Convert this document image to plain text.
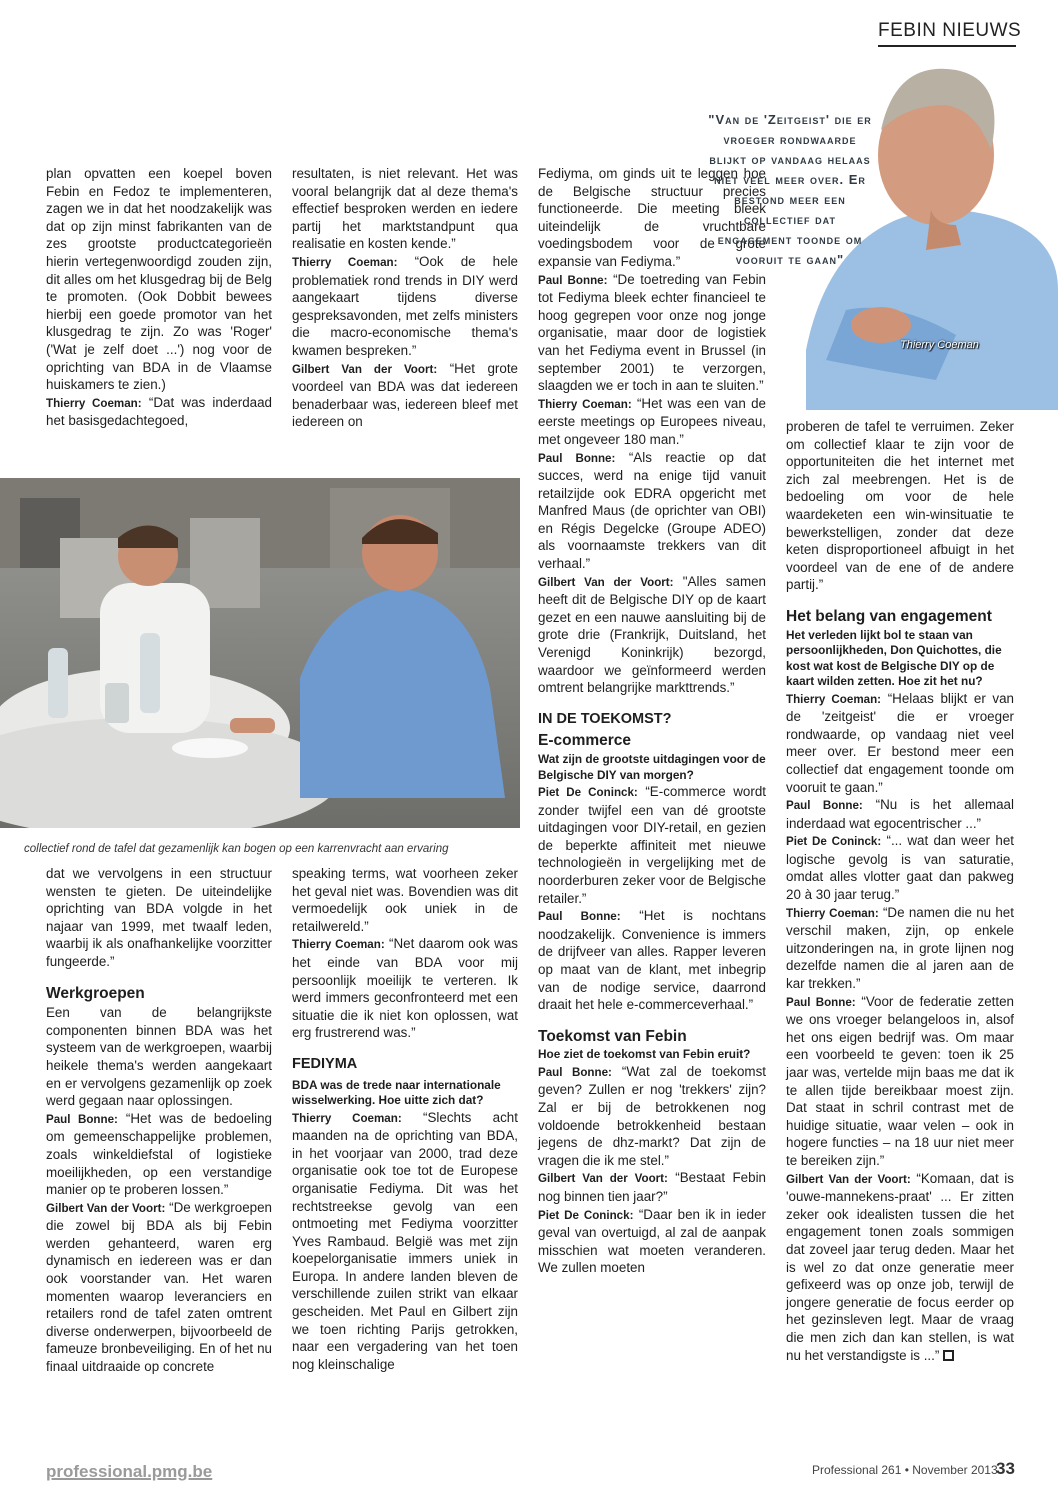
FEBIN NIEUWS

plan opvatten een koepel boven Febin en Fedoz te implementeren, zagen we in dat het noodzakelijk was dat op zijn minst fabrikanten van de zes grootste productcategorieën hierin vertegenwoordigd zouden zijn, dit alles om het klusgedrag bij de Belg te promoten. (Ook Dobbit bewees hierbij een goede promotor van het klusgedrag te zijn. Zo was 'Roger' ('Wat je zelf doet ...') nog voor de oprichting van BDA in de Vlaamse huiskamers te zien.)

Thierry Coeman: “Dat was inderdaad het basisgedachtegoed,

resultaten, is niet relevant. Het was vooral belangrijk dat al deze thema's effectief besproken werden en iedere partij het marktstandpunt qua realisatie en kosten kende.”

Thierry Coeman: “Ook de hele problematiek rond trends in DIY werd aangekaart tijdens diverse gespreksavonden, met zelfs ministers die macro-economische thema's kwamen bespreken.”

Gilbert Van der Voort: “Het grote voordeel van BDA was dat iedereen benaderbaar was, iedereen bleef met iedereen on

collectief rond de tafel dat gezamenlijk kan bogen op een karrenvracht aan ervaring

dat we vervolgens in een structuur wensten te gieten. De uiteindelijke oprichting van BDA volgde in het najaar van 1999, met twaalf leden, waarbij ik als onafhankelijke voorzitter fungeerde.”

Werkgroepen

Een van de belangrijkste componenten binnen BDA was het systeem van de werkgroepen, waarbij heikele thema's werden aangekaart en er vervolgens gezamenlijk op zoek werd gegaan naar oplossingen.

Paul Bonne: “Het was de bedoeling om gemeenschappelijke problemen, zoals winkeldiefstal of logistieke moeilijkheden, op een verstandige manier op te proberen lossen.”

Gilbert Van der Voort: “De werkgroepen die zowel bij BDA als bij Febin werden gehanteerd, waren erg dynamisch en iedereen was er dan ook voorstander van. Het waren momenten waarop leveranciers en retailers rond de tafel zaten omtrent diverse onderwerpen, bijvoorbeeld de fameuze bronbeveiliging. En of het nu finaal uitdraaide op concrete

speaking terms, wat voorheen zeker het geval niet was. Bovendien was dit vermoedelijk ook uniek in de retailwereld.”

Thierry Coeman: “Net daarom ook was het einde van BDA voor mij persoonlijk moeilijk te verteren. Ik werd immers geconfronteerd met een situatie die ik niet kon oplossen, wat erg frustrerend was.”

FEDIYMA

BDA was de trede naar internationale wisselwerking. Hoe uitte zich dat?

Thierry Coeman: “Slechts acht maanden na de oprichting van BDA, in het voorjaar van 2000, trad deze organisatie ook toe tot de Europese organisatie Fediyma. Dit was het rechtstreekse gevolg van een ontmoeting met Fediyma voorzitter Yves Rambaud. België was met zijn koepelorganisatie immers uniek in Europa. In andere landen bleven de verschillende zuilen strikt van elkaar gescheiden. Met Paul en Gilbert zijn we toen richting Parijs getrokken, naar een vergadering van het toen nog kleinschalige

Fediyma, om ginds uit te leggen hoe de Belgische structuur precies functioneerde. Die meeting bleek uiteindelijk de vruchtbare voedingsbodem voor de grote expansie van Fediyma.”

Paul Bonne: “De toetreding van Febin tot Fediyma bleek echter financieel te hoog gegrepen voor onze nog jonge organisatie, maar door de logistiek van het Fediyma event in Brussel (in september 2001) te verzorgen, slaagden we er toch in aan te sluiten.”

Thierry Coeman: “Het was een van de eerste meetings op Europees niveau, met ongeveer 180 man.”

Paul Bonne: “Als reactie op dat succes, werd na enige tijd vanuit retailzijde ook EDRA opgericht met Manfred Maus (de oprichter van OBI) en Régis Degelcke (Groupe ADEO) als voornaamste trekkers van dit verhaal.”

Gilbert Van der Voort: "Alles samen heeft dit de Belgische DIY op de kaart gezet en een nauwe aansluiting bij de grote drie (Frankrijk, Duitsland, het Verenigd Koninkrijk) bezorgd, waardoor we geïnformeerd werden omtrent belangrijke markttrends.”

IN DE TOEKOMST?
E-commerce

Wat zijn de grootste uitdagingen voor de Belgische DIY van morgen?

Piet De Coninck: “E-commerce wordt zonder twijfel een van dé grootste uitdagingen voor DIY-retail, en gezien de beperkte affiniteit met nieuwe technologieën in vergelijking met de noorderburen zeker voor de Belgische retailer.”

Paul Bonne: “Het is nochtans noodzakelijk. Convenience is immers de drijfveer van alles. Rapper leveren op maat van de klant, met inbegrip van de nodige service, daarrond draait het hele e-commerceverhaal.”

Toekomst van Febin

Hoe ziet de toekomst van Febin eruit?

Paul Bonne: “Wat zal de toekomst geven? Zullen er nog 'trekkers' zijn? Zal er bij de betrokkenen nog voldoende betrokkenheid bestaan jegens de dhz-markt? Dat zijn de vragen die ik me stel.”

Gilbert Van der Voort: “Bestaat Febin nog binnen tien jaar?”

Piet De Coninck: “Daar ben ik in ieder geval van overtuigd, al zal de aanpak misschien wat moeten veranderen. We zullen moeten

"Van de 'Zeitgeist' die er vroeger rondwaarde blijkt op vandaag helaas niet veel meer over. Er bestond meer een collectief dat engagement toonde om vooruit te gaan"
Thierry Coeman

proberen de tafel te verruimen. Zeker om collectief klaar te zijn voor de opportuniteiten die het internet met zich zal meebrengen. Het is de bedoeling om voor de hele waardeketen een win-winsituatie te bewerkstelligen, zonder dat deze keten disproportioneel afbuigt in het voordeel van de ene of de andere partij.”

Het belang van engagement

Het verleden lijkt bol te staan van persoonlijkheden, Don Quichottes, die kost wat kost de Belgische DIY op de kaart wilden zetten. Hoe zit het nu?

Thierry Coeman: “Helaas blijkt er van de 'zeitgeist' die er vroeger rondwaarde, op vandaag niet veel meer over. Er bestond meer een collectief dat engagement toonde om vooruit te gaan.”

Paul Bonne: “Nu is het allemaal inderdaad wat egocentrischer ...”

Piet De Coninck: “... wat dan weer het logische gevolg is van saturatie, omdat alles vlotter gaat dan pakweg 20 à 30 jaar terug.”

Thierry Coeman: “De namen die nu het verschil maken, zijn, op enkele uitzonderingen na, in grote lijnen nog dezelfde namen die al jaren aan de kar trekken.”

Paul Bonne: “Voor de federatie zetten we ons vroeger belangeloos in, alsof het ons eigen bedrijf was. Om maar een voorbeeld te geven: toen ik 25 jaar was, vertelde mijn baas me dat ik te allen tijde bereikbaar moest zijn. Dat staat in schril contrast met de huidige situatie, waar velen – ook in hogere functies – na 18 uur niet meer te bereiken zijn.”

Gilbert Van der Voort: “Komaan, dat is 'ouwe-mannekens-praat' ... Er zitten zeker ook idealisten tussen die het engagement tonen zoals sommigen dat zoveel jaar terug deden. Maar het is wel zo dat onze generatie meer gefixeerd was op onze job, terwijl de jongere generatie de focus eerder op het gezinsleven legt. Maar de vraag die men zich dan kan stellen, is wat nu het verstandigste is ...”

professional.pmg.be	Professional 261 • November 2013
33
